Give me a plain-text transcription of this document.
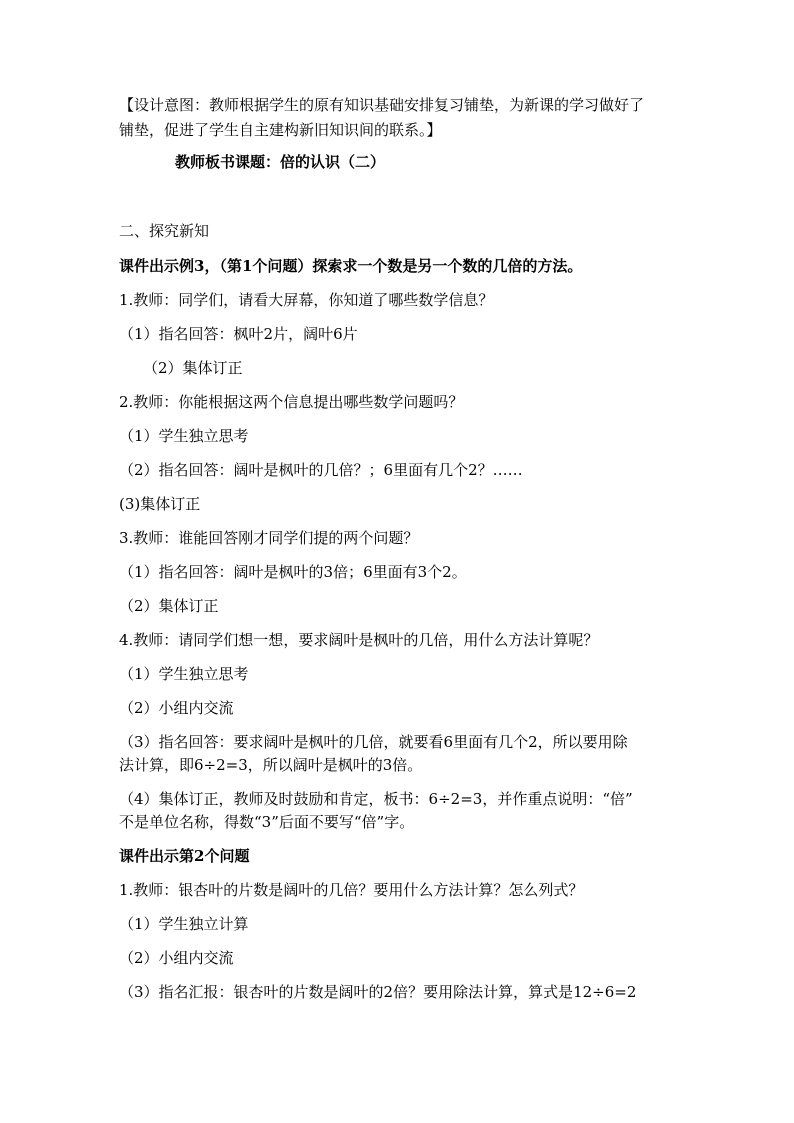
【设计意图：教师根据学生的原有知识基础安排复习铺垫，为新课的学习做好了
铺垫，促进了学生自主建构新旧知识间的联系。】
教师板书课题：倍的认识（二）
二、探究新知
课件出示例3，（第1个问题）探索求一个数是另一个数的几倍的方法。
1.教师：同学们，请看大屏幕，你知道了哪些数学信息？
（1）指名回答：枫叶2片，阔叶6片
（2）集体订正
2.教师：你能根据这两个信息提出哪些数学问题吗？
（1）学生独立思考
（2）指名回答：阔叶是枫叶的几倍？；6里面有几个2？……
(3)集体订正
3.教师：谁能回答刚才同学们提的两个问题？
（1）指名回答：阔叶是枫叶的3倍；6里面有3个2。
（2）集体订正
4.教师：请同学们想一想，要求阔叶是枫叶的几倍，用什么方法计算呢？
（1）学生独立思考
（2）小组内交流
（3）指名回答：要求阔叶是枫叶的几倍，就要看6里面有几个2，所以要用除
法计算，即6÷2=3，所以阔叶是枫叶的3倍。
（4）集体订正，教师及时鼓励和肯定，板书：6÷2=3，并作重点说明：“倍”
不是单位名称，得数“3”后面不要写“倍”字。
课件出示第2个问题
1.教师：银杏叶的片数是阔叶的几倍？要用什么方法计算？怎么列式？
（1）学生独立计算
（2）小组内交流
（3）指名汇报：银杏叶的片数是阔叶的2倍？要用除法计算，算式是12÷6=2
